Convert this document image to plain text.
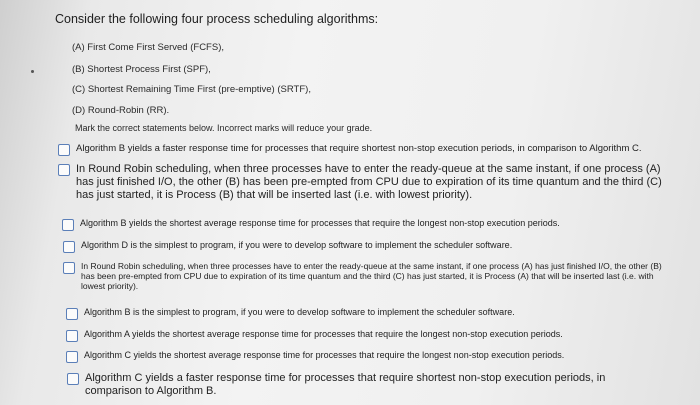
Consider the following four process scheduling algorithms:
(A) First Come First Served (FCFS),
(B) Shortest Process First (SPF),
(C) Shortest Remaining Time First (pre-emptive) (SRTF),
(D) Round-Robin (RR).
Mark the correct statements below. Incorrect marks will reduce your grade.
Algorithm B yields a faster response time for processes that require shortest non-stop execution periods, in comparison to Algorithm C.
In Round Robin scheduling, when three processes have to enter the ready-queue at the same instant, if one process (A) has just finished I/O, the other (B) has been pre-empted from CPU due to expiration of its time quantum and the third (C) has just started, it is Process (B) that will be inserted last (i.e. with lowest priority).
Algorithm B yields the shortest average response time for processes that require the longest non-stop execution periods.
Algorithm D is the simplest to program, if you were to develop software to implement the scheduler software.
In Round Robin scheduling, when three processes have to enter the ready-queue at the same instant, if one process (A) has just finished I/O, the other (B) has been pre-empted from CPU due to expiration of its time quantum and the third (C) has just started, it is Process (A) that will be inserted last (i.e. with lowest priority).
Algorithm B is the simplest to program, if you were to develop software to implement the scheduler software.
Algorithm A yields the shortest average response time for processes that require the longest non-stop execution periods.
Algorithm C yields the shortest average response time for processes that require the longest non-stop execution periods.
Algorithm C yields a faster response time for processes that require shortest non-stop execution periods, in comparison to Algorithm B.
